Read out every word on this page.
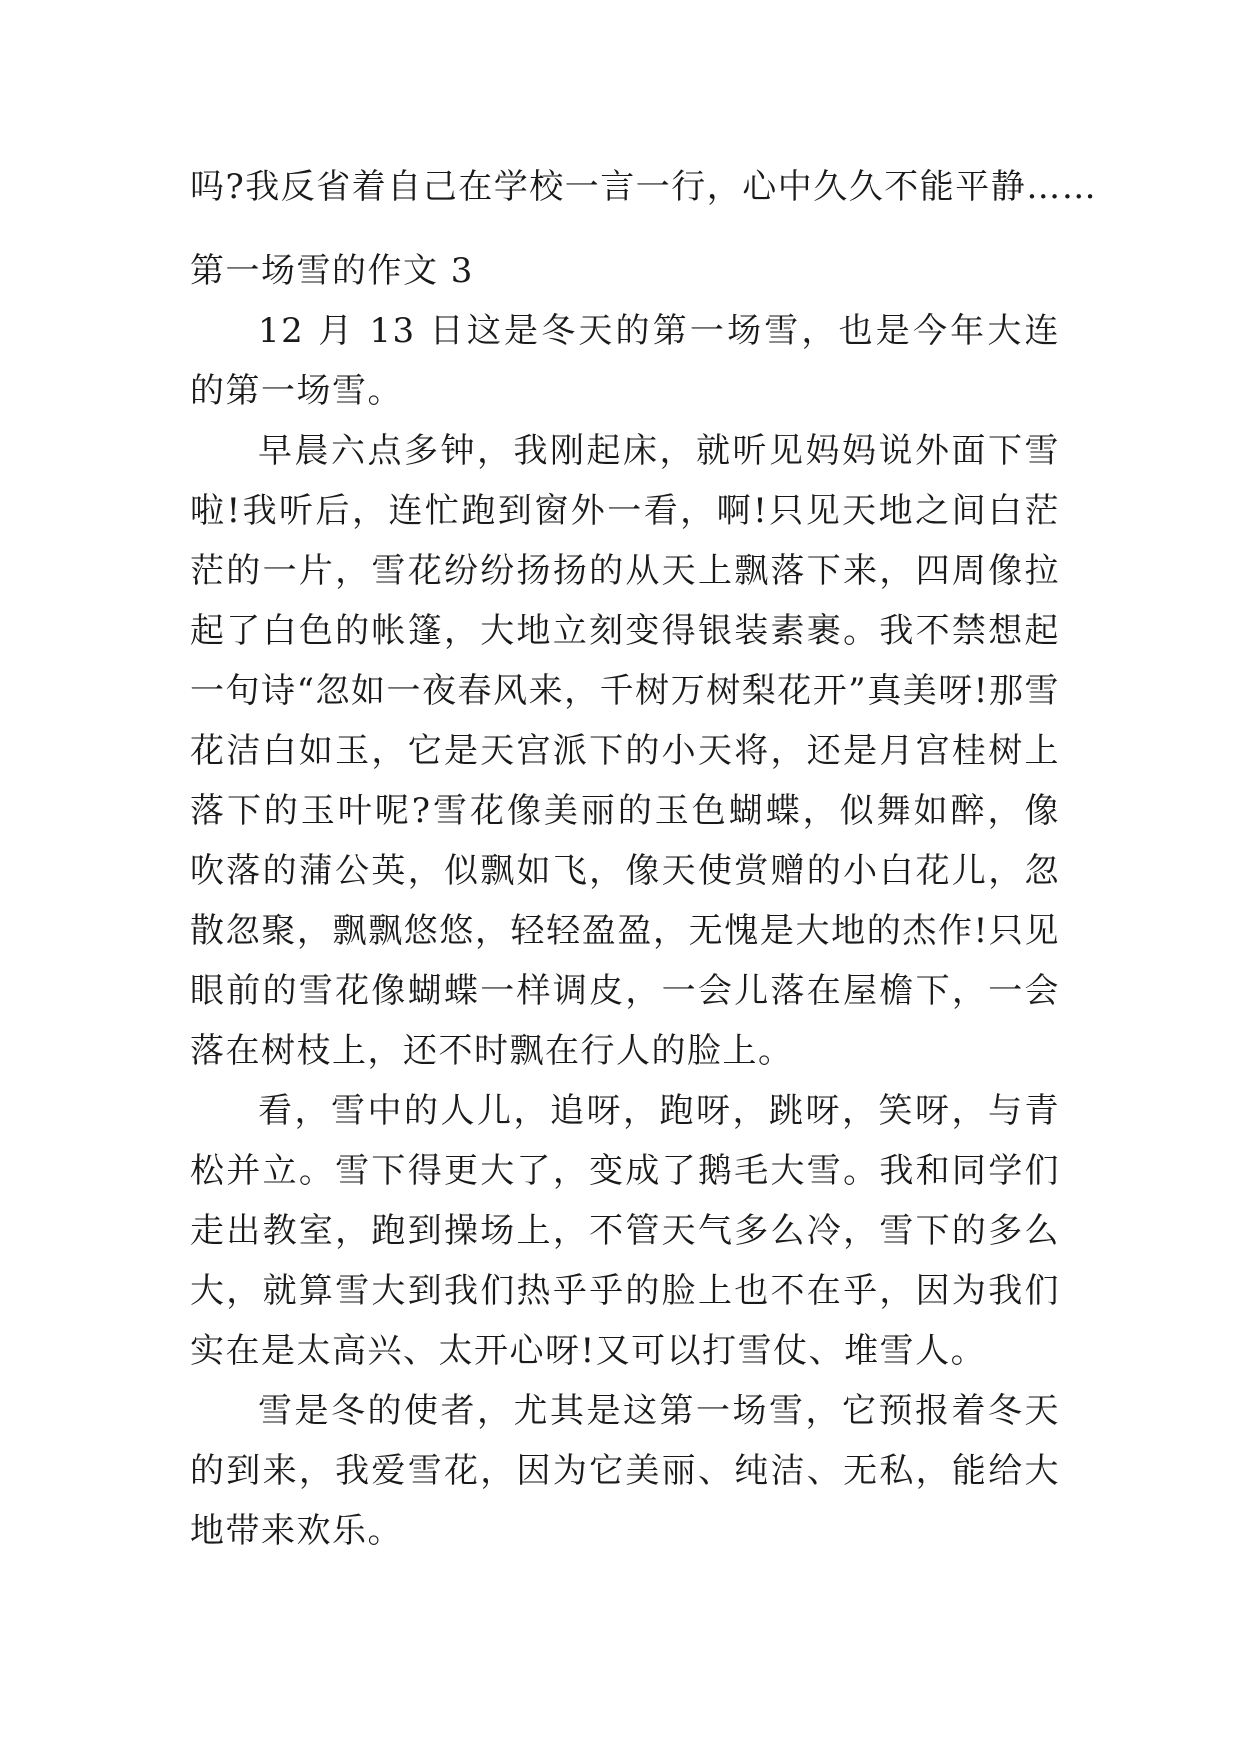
吗?我反省着自己在学校一言一行，心中久久不能平静……

第一场雪的作文 3

12 月 13 日这是冬天的第一场雪，也是今年大连的第一场雪。

早晨六点多钟，我刚起床，就听见妈妈说外面下雪啦!我听后，连忙跑到窗外一看，啊!只见天地之间白茫茫的一片，雪花纷纷扬扬的从天上飘落下来，四周像拉起了白色的帐篷，大地立刻变得银装素裹。我不禁想起一句诗“忽如一夜春风来，千树万树梨花开”真美呀!那雪花洁白如玉，它是天宫派下的小天将，还是月宫桂树上落下的玉叶呢?雪花像美丽的玉色蝴蝶，似舞如醉，像吹落的蒲公英，似飘如飞，像天使赏赠的小白花儿，忽散忽聚，飘飘悠悠，轻轻盈盈，无愧是大地的杰作!只见眼前的雪花像蝴蝶一样调皮，一会儿落在屋檐下，一会落在树枝上，还不时飘在行人的脸上。

看，雪中的人儿，追呀，跑呀，跳呀，笑呀，与青松并立。雪下得更大了，变成了鹅毛大雪。我和同学们走出教室，跑到操场上，不管天气多么冷，雪下的多么大，就算雪大到我们热乎乎的脸上也不在乎，因为我们实在是太高兴、太开心呀!又可以打雪仗、堆雪人。

雪是冬的使者，尤其是这第一场雪，它预报着冬天的到来，我爱雪花，因为它美丽、纯洁、无私，能给大地带来欢乐。
